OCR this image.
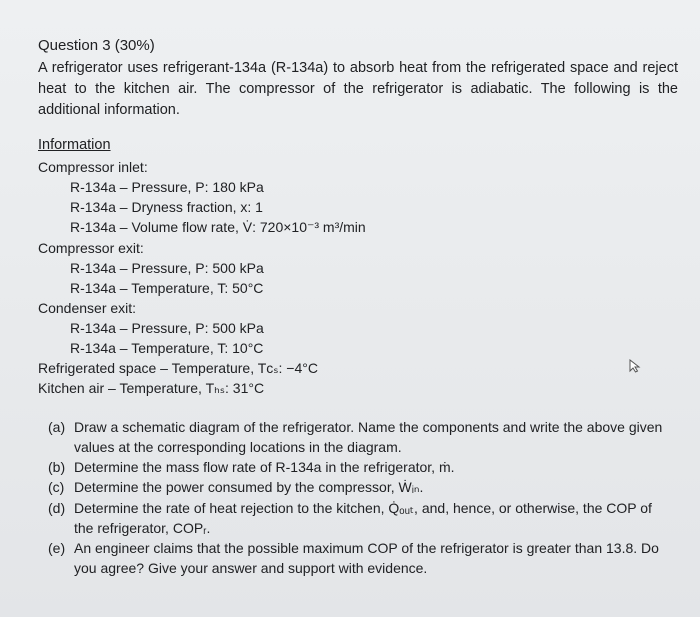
Question 3 (30%)
A refrigerator uses refrigerant-134a (R-134a) to absorb heat from the refrigerated space and reject heat to the kitchen air. The compressor of the refrigerator is adiabatic. The following is the additional information.
Information
Compressor inlet:
R-134a – Pressure, P: 180 kPa
R-134a – Dryness fraction, x: 1
R-134a – Volume flow rate, V̇: 720×10⁻³ m³/min
Compressor exit:
R-134a – Pressure, P: 500 kPa
R-134a – Temperature, T: 50°C
Condenser exit:
R-134a – Pressure, P: 500 kPa
R-134a – Temperature, T: 10°C
Refrigerated space – Temperature, Tᴄₛ: −4°C
Kitchen air – Temperature, Tₕₛ: 31°C
(a) Draw a schematic diagram of the refrigerator. Name the components and write the above given values at the corresponding locations in the diagram.
(b) Determine the mass flow rate of R-134a in the refrigerator, ṁ.
(c) Determine the power consumed by the compressor, Ẇᵢₙ.
(d) Determine the rate of heat rejection to the kitchen, Q̇ₒᵤₜ, and, hence, or otherwise, the COP of the refrigerator, COPᵣ.
(e) An engineer claims that the possible maximum COP of the refrigerator is greater than 13.8. Do you agree? Give your answer and support with evidence.
